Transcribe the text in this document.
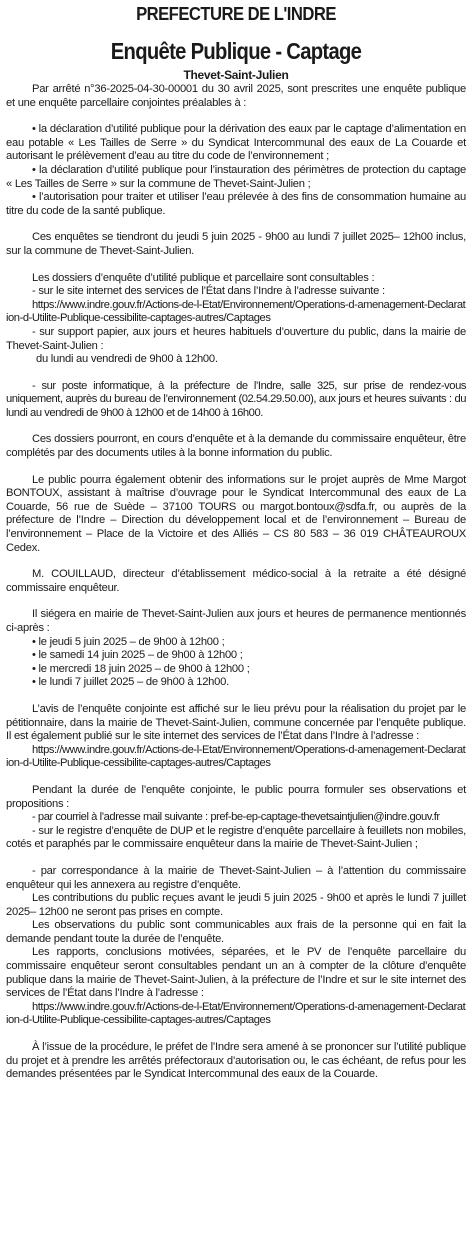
PREFECTURE DE L'INDRE
Enquête Publique - Captage
Thevet-Saint-Julien

Par arrêté n°36-2025-04-30-00001 du 30 avril 2025, sont prescrites une enquête publique et une enquête parcellaire conjointes préalables à :

• la déclaration d’utilité publique pour la dérivation des eaux par le captage d’alimentation en eau potable « Les Tailles de Serre » du Syndicat Intercommunal des eaux de La Couarde et autorisant le prélèvement d’eau au titre du code de l’environnement ;

• la déclaration d’utilité publique pour l’instauration des périmètres de protection du captage « Les Tailles de Serre » sur la commune de Thevet-Saint-Julien ;

• l’autorisation pour traiter et utiliser l’eau prélevée à des fins de consommation humaine au titre du code de la santé publique.

Ces enquêtes se tiendront du jeudi 5 juin 2025 - 9h00 au lundi 7 juillet 2025– 12h00 inclus, sur la commune de Thevet-Saint-Julien.

Les dossiers d’enquête d’utilité publique et parcellaire sont consultables :

- sur le site internet des services de l’État dans l’Indre à l’adresse suivante :

https://www.indre.gouv.fr/Actions-de-l-Etat/Environnement/Operations-d-amenagement-Declaration-d-Utilite-Publique-cessibilite-captages-autres/Captages

- sur support papier, aux jours et heures habituels d’ouverture du public, dans la mairie de Thevet-Saint-Julien :

du lundi au vendredi de 9h00 à 12h00.

- sur poste informatique, à la préfecture de l’Indre, salle 325, sur prise de rendez-vous uniquement, auprès du bureau de l’environnement (02.54.29.50.00), aux jours et heures suivants : du lundi au vendredi de 9h00 à 12h00 et de 14h00 à 16h00.

Ces dossiers pourront, en cours d’enquête et à la demande du commissaire enquêteur, être complétés par des documents utiles à la bonne information du public.

Le public pourra également obtenir des informations sur le projet auprès de Mme Margot BONTOUX, assistant à maîtrise d’ouvrage pour le Syndicat Intercommunal des eaux de La Couarde, 56 rue de Suède – 37100 TOURS ou margot.bontoux@sdfa.fr, ou auprès de la préfecture de l’Indre – Direction du développement local et de l’environnement – Bureau de l’environnement – Place de la Victoire et des Alliés – CS 80 583 – 36 019 CHÂTEAUROUX Cedex.

M. COUILLAUD, directeur d’établissement médico-social à la retraite a été désigné commissaire enquêteur.

Il siégera en mairie de Thevet-Saint-Julien aux jours et heures de permanence mentionnés ci-après :

• le jeudi 5 juin 2025 – de 9h00 à 12h00 ;

• le samedi 14 juin 2025 – de 9h00 à 12h00 ;

• le mercredi 18 juin 2025 – de 9h00 à 12h00 ;

• le lundi 7 juillet 2025 – de 9h00 à 12h00.

L’avis de l’enquête conjointe est affiché sur le lieu prévu pour la réalisation du projet par le pétitionnaire, dans la mairie de Thevet-Saint-Julien, commune concernée par l’enquête publique. Il est également publié sur le site internet des services de l’État dans l’Indre à l’adresse :

https://www.indre.gouv.fr/Actions-de-l-Etat/Environnement/Operations-d-amenagement-Declaration-d-Utilite-Publique-cessibilite-captages-autres/Captages

Pendant la durée de l’enquête conjointe, le public pourra formuler ses observations et propositions :

- par courriel à l’adresse mail suivante : pref-be-ep-captage-thevetsaintjulien@indre.gouv.fr

- sur le registre d’enquête de DUP et le registre d’enquête parcellaire à feuillets non mobiles, cotés et paraphés par le commissaire enquêteur dans la mairie de Thevet-Saint-Julien ;

- par correspondance à la mairie de Thevet-Saint-Julien – à l’attention du commissaire enquêteur qui les annexera au registre d’enquête.

Les contributions du public reçues avant le jeudi 5 juin 2025 - 9h00 et après le lundi 7 juillet 2025– 12h00 ne seront pas prises en compte.

Les observations du public sont communicables aux frais de la personne qui en fait la demande pendant toute la durée de l’enquête.

Les rapports, conclusions motivées, séparées, et le PV de l’enquête parcellaire du commissaire enquêteur seront consultables pendant un an à compter de la clôture d’enquête publique dans la mairie de Thevet-Saint-Julien, à la préfecture de l’Indre et sur le site internet des services de l’État dans l’Indre à l’adresse :

https://www.indre.gouv.fr/Actions-de-l-Etat/Environnement/Operations-d-amenagement-Declaration-d-Utilite-Publique-cessibilite-captages-autres/Captages

À l’issue de la procédure, le préfet de l’Indre sera amené à se prononcer sur l’utilité publique du projet et à prendre les arrêtés préfectoraux d’autorisation ou, le cas échéant, de refus pour les demandes présentées par le Syndicat Intercommunal des eaux de la Couarde.
